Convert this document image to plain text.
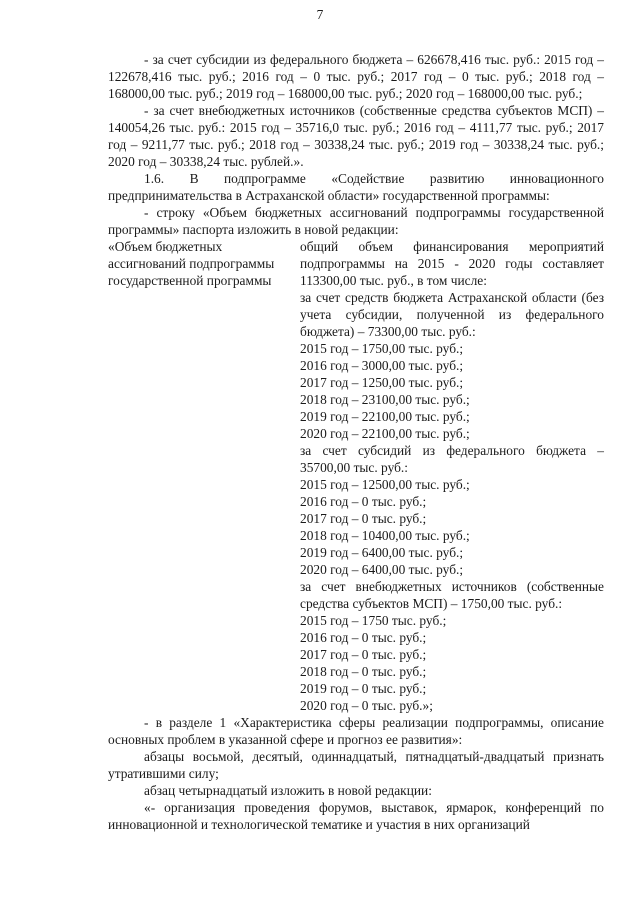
7

- за счет субсидии из федерального бюджета – 626678,416 тыс. руб.: 2015 год – 122678,416 тыс. руб.; 2016 год – 0 тыс. руб.; 2017 год – 0 тыс. руб.; 2018 год – 168000,00 тыс. руб.; 2019 год – 168000,00 тыс. руб.; 2020 год – 168000,00 тыс. руб.;

- за счет внебюджетных источников (собственные средства субъектов МСП) – 140054,26 тыс. руб.: 2015 год – 35716,0 тыс. руб.; 2016 год – 4111,77 тыс. руб.; 2017 год – 9211,77 тыс. руб.; 2018 год – 30338,24 тыс. руб.; 2019 год – 30338,24 тыс. руб.; 2020 год – 30338,24 тыс. рублей.».

1.6. В подпрограмме «Содействие развитию инновационного предпринимательства в Астраханской области» государственной программы:

- строку «Объем бюджетных ассигнований подпрограммы государственной программы» паспорта изложить в новой редакции:

«Объем бюджетных ассигнований подпрограммы государственной программы
общий объем финансирования мероприятий подпрограммы на 2015 - 2020 годы составляет 113300,00 тыс. руб., в том числе:
за счет средств бюджета Астраханской области (без учета субсидии, полученной из федерального бюджета) – 73300,00 тыс. руб.:
2015 год – 1750,00 тыс. руб.;
2016 год – 3000,00 тыс. руб.;
2017 год – 1250,00 тыс. руб.;
2018 год – 23100,00 тыс. руб.;
2019 год – 22100,00 тыс. руб.;
2020 год – 22100,00 тыс. руб.;
за счет субсидий из федерального бюджета – 35700,00 тыс. руб.:
2015 год – 12500,00 тыс. руб.;
2016 год – 0 тыс. руб.;
2017 год – 0 тыс. руб.;
2018 год – 10400,00 тыс. руб.;
2019 год – 6400,00 тыс. руб.;
2020 год – 6400,00 тыс. руб.;
за счет внебюджетных источников (собственные средства субъектов МСП) – 1750,00 тыс. руб.:
2015 год – 1750 тыс. руб.;
2016 год – 0 тыс. руб.;
2017 год – 0 тыс. руб.;
2018 год – 0 тыс. руб.;
2019 год – 0 тыс. руб.;
2020 год – 0 тыс. руб.»;

- в разделе 1 «Характеристика сферы реализации подпрограммы, описание основных проблем в указанной сфере и прогноз ее развития»:

абзацы восьмой, десятый, одиннадцатый, пятнадцатый-двадцатый признать утратившими силу;

абзац четырнадцатый изложить в новой редакции:

«- организация проведения форумов, выставок, ярмарок, конференций по инновационной и технологической тематике и участия в них организаций
